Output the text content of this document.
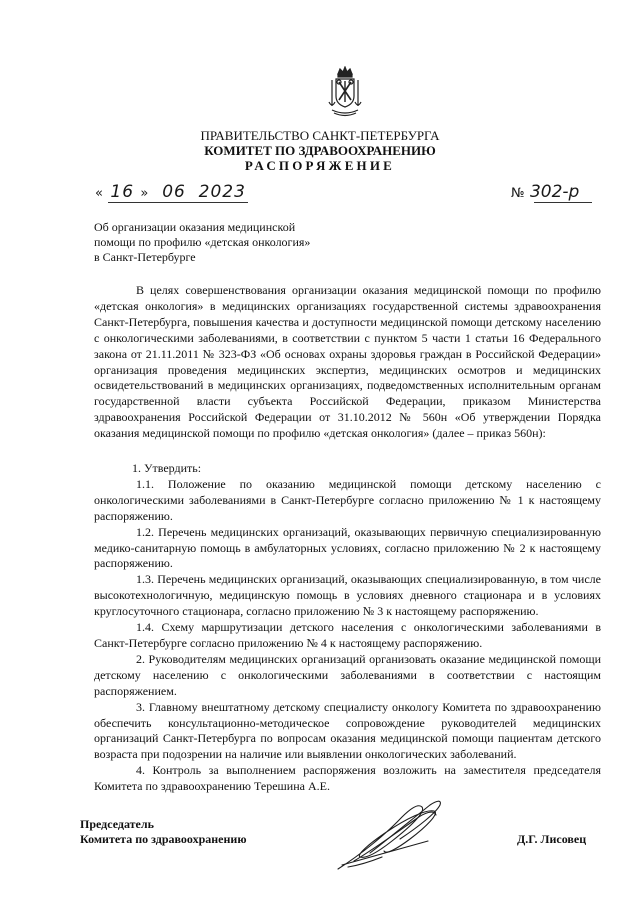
ПРАВИТЕЛЬСТВО САНКТ-ПЕТЕРБУРГА
КОМИТЕТ ПО ЗДРАВООХРАНЕНИЮ
РАСПОРЯЖЕНИЕ
« 16 » 06 2023	№ 302-р
Об организации оказания медицинской
помощи по профилю «детская онкология»
в Санкт-Петербурге

В целях совершенствования организации оказания медицинской помощи по профилю «детская онкология» в медицинских организациях государственной системы здравоохранения Санкт-Петербурга, повышения качества и доступности медицинской помощи детскому населению с онкологическими заболеваниями, в соответствии с пунктом 5 части 1 статьи 16 Федерального закона от 21.11.2011 № 323-ФЗ «Об основах охраны здоровья граждан в Российской Федерации» организация проведения медицинских экспертиз, медицинских осмотров и медицинских освидетельствований в медицинских организациях, подведомственных исполнительным органам государственной власти субъекта Российской Федерации, приказом Министерства здравоохранения Российской Федерации от 31.10.2012 № 560н «Об утверждении Порядка оказания медицинской помощи по профилю «детская онкология» (далее – приказ 560н):

1. Утвердить:

1.1. Положение по оказанию медицинской помощи детскому населению с онкологическими заболеваниями в Санкт-Петербурге согласно приложению № 1 к настоящему распоряжению.

1.2. Перечень медицинских организаций, оказывающих первичную специализированную медико-санитарную помощь в амбулаторных условиях, согласно приложению № 2 к настоящему распоряжению.

1.3. Перечень медицинских организаций, оказывающих специализированную, в том числе высокотехнологичную, медицинскую помощь в условиях дневного стационара и в условиях круглосуточного стационара, согласно приложению № 3 к настоящему распоряжению.

1.4. Схему маршрутизации детского населения с онкологическими заболеваниями в Санкт-Петербурге согласно приложению № 4 к настоящему распоряжению.

2. Руководителям медицинских организаций организовать оказание медицинской помощи детскому населению с онкологическими заболеваниями в соответствии с настоящим распоряжением.

3. Главному внештатному детскому специалисту онкологу Комитета по здравоохранению обеспечить консультационно-методическое сопровождение руководителей медицинских организаций Санкт-Петербурга по вопросам оказания медицинской помощи пациентам детского возраста при подозрении на наличие или выявлении онкологических заболеваний.

4. Контроль за выполнением распоряжения возложить на заместителя председателя Комитета по здравоохранению Терешина А.Е.

Председатель
Комитета по здравоохранению	Д.Г. Лисовец
